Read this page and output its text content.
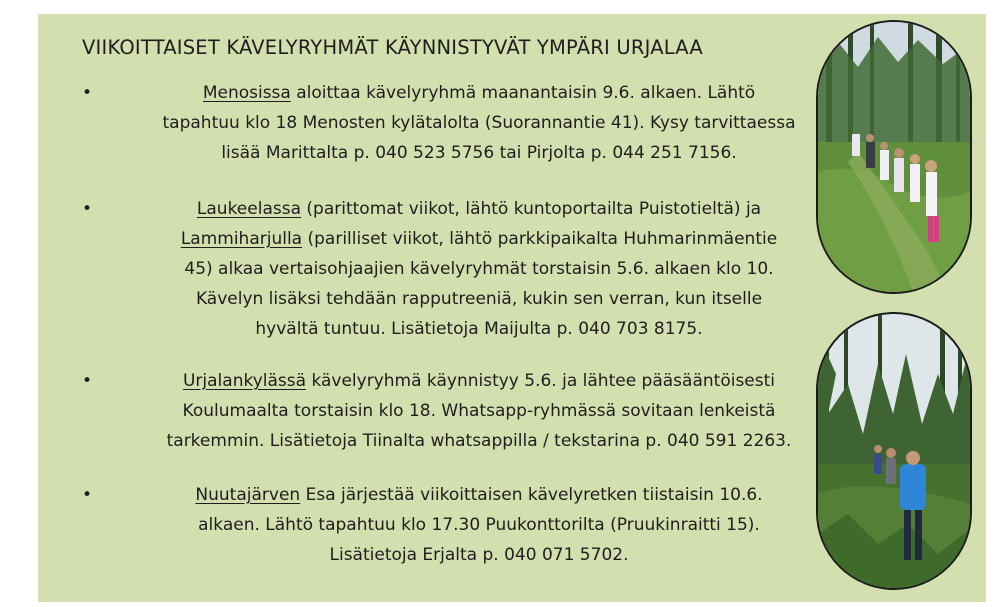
VIIKOITTAISET KÄVELYRYHMÄT KÄYNNISTYVÄT YMPÄRI URJALAA
•	Menosissa aloittaa kävelyryhmä maanantaisin 9.6. alkaen. Lähtö
tapahtuu klo 18 Menosten kylätalolta (Suorannantie 41). Kysy tarvittaessa
lisää Marittalta p. 040 523 5756 tai Pirjolta p. 044 251 7156.
•	Laukeelassa (parittomat viikot, lähtö kuntoportailta Puistotieltä) ja
Lammiharjulla (parilliset viikot, lähtö parkkipaikalta Huhmarinmäentie
45) alkaa vertaisohjaajien kävelyryhmät torstaisin 5.6. alkaen klo 10.
Kävelyn lisäksi tehdään rapputreeniä, kukin sen verran, kun itselle
hyvältä tuntuu. Lisätietoja Maijulta p. 040 703 8175.
•	Urjalankylässä kävelyryhmä käynnistyy 5.6. ja lähtee pääsääntöisesti
Koulumaalta torstaisin klo 18. Whatsapp-ryhmässä sovitaan lenkeistä
tarkemmin. Lisätietoja Tiinalta whatsappilla / tekstarina p. 040 591 2263.
•	Nuutajärven Esa järjestää viikoittaisen kävelyretken tiistaisin 10.6.
alkaen. Lähtö tapahtuu klo 17.30 Puukonttorilta (Pruukinraitti 15).
Lisätietoja Erjalta p. 040 071 5702.
